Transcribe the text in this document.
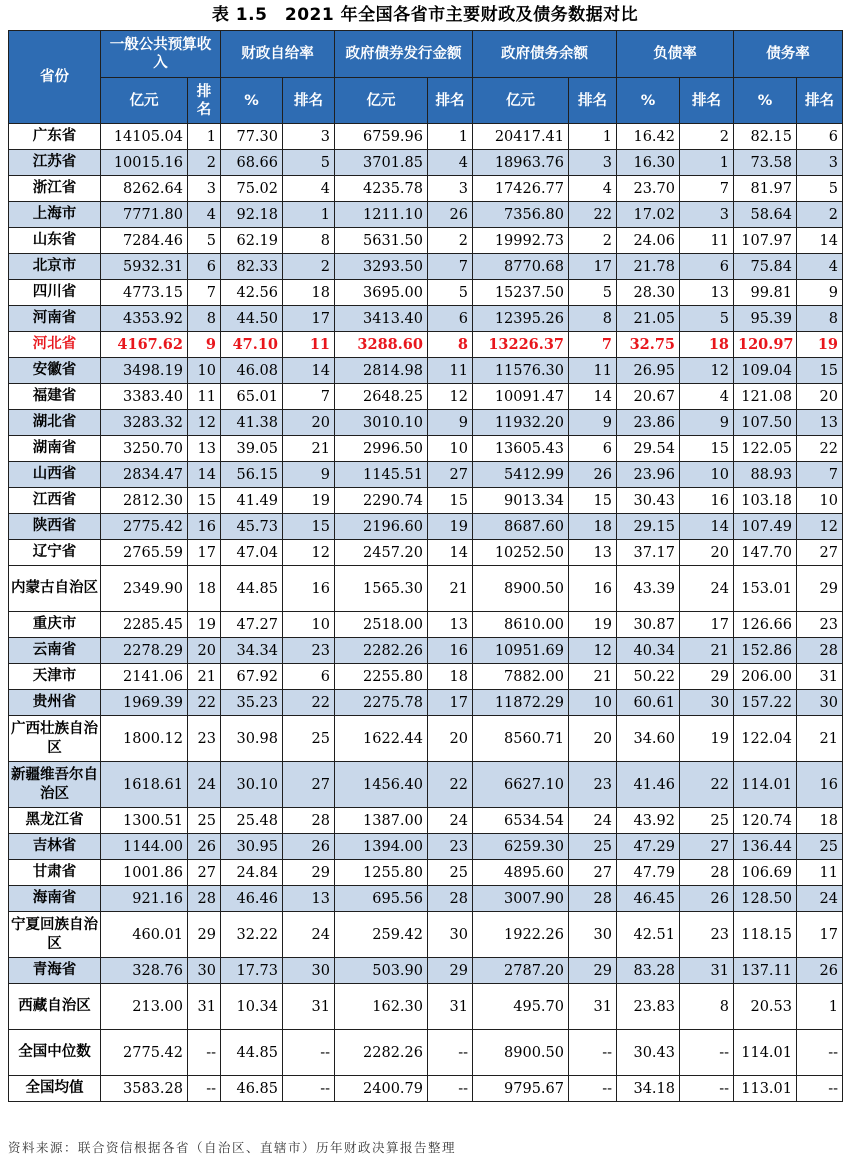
表 1.5　2021 年全国各省市主要财政及债务数据对比
省份	一般公共预算收入		财政自给率		政府债券发行金额		政府债务余额		负债率		债务率	
	亿元	排名	%	排名	亿元	排名	亿元	排名	%	排名	%	排名
广东省	14105.04	1	77.30	3	6759.96	1	20417.41	1	16.42	2	82.15	6
江苏省	10015.16	2	68.66	5	3701.85	4	18963.76	3	16.30	1	73.58	3
浙江省	8262.64	3	75.02	4	4235.78	3	17426.77	4	23.70	7	81.97	5
上海市	7771.80	4	92.18	1	1211.10	26	7356.80	22	17.02	3	58.64	2
山东省	7284.46	5	62.19	8	5631.50	2	19992.73	2	24.06	11	107.97	14
北京市	5932.31	6	82.33	2	3293.50	7	8770.68	17	21.78	6	75.84	4
四川省	4773.15	7	42.56	18	3695.00	5	15237.50	5	28.30	13	99.81	9
河南省	4353.92	8	44.50	17	3413.40	6	12395.26	8	21.05	5	95.39	8
河北省	4167.62	9	47.10	11	3288.60	8	13226.37	7	32.75	18	120.97	19
安徽省	3498.19	10	46.08	14	2814.98	11	11576.30	11	26.95	12	109.04	15
福建省	3383.40	11	65.01	7	2648.25	12	10091.47	14	20.67	4	121.08	20
湖北省	3283.32	12	41.38	20	3010.10	9	11932.20	9	23.86	9	107.50	13
湖南省	3250.70	13	39.05	21	2996.50	10	13605.43	6	29.54	15	122.05	22
山西省	2834.47	14	56.15	9	1145.51	27	5412.99	26	23.96	10	88.93	7
江西省	2812.30	15	41.49	19	2290.74	15	9013.34	15	30.43	16	103.18	10
陕西省	2775.42	16	45.73	15	2196.60	19	8687.60	18	29.15	14	107.49	12
辽宁省	2765.59	17	47.04	12	2457.20	14	10252.50	13	37.17	20	147.70	27
内蒙古自治区	2349.90	18	44.85	16	1565.30	21	8900.50	16	43.39	24	153.01	29
重庆市	2285.45	19	47.27	10	2518.00	13	8610.00	19	30.87	17	126.66	23
云南省	2278.29	20	34.34	23	2282.26	16	10951.69	12	40.34	21	152.86	28
天津市	2141.06	21	67.92	6	2255.80	18	7882.00	21	50.22	29	206.00	31
贵州省	1969.39	22	35.23	22	2275.78	17	11872.29	10	60.61	30	157.22	30
广西壮族自治区	1800.12	23	30.98	25	1622.44	20	8560.71	20	34.60	19	122.04	21
新疆维吾尔自治区	1618.61	24	30.10	27	1456.40	22	6627.10	23	41.46	22	114.01	16
黑龙江省	1300.51	25	25.48	28	1387.00	24	6534.54	24	43.92	25	120.74	18
吉林省	1144.00	26	30.95	26	1394.00	23	6259.30	25	47.29	27	136.44	25
甘肃省	1001.86	27	24.84	29	1255.80	25	4895.60	27	47.79	28	106.69	11
海南省	921.16	28	46.46	13	695.56	28	3007.90	28	46.45	26	128.50	24
宁夏回族自治区	460.01	29	32.22	24	259.42	30	1922.26	30	42.51	23	118.15	17
青海省	328.76	30	17.73	30	503.90	29	2787.20	29	83.28	31	137.11	26
西藏自治区	213.00	31	10.34	31	162.30	31	495.70	31	23.83	8	20.53	1
全国中位数	2775.42	--	44.85	--	2282.26	--	8900.50	--	30.43	--	114.01	--
全国均值	3583.28	--	46.85	--	2400.79	--	9795.67	--	34.18	--	113.01	--
资料来源：联合资信根据各省（自治区、直辖市）历年财政决算报告整理
